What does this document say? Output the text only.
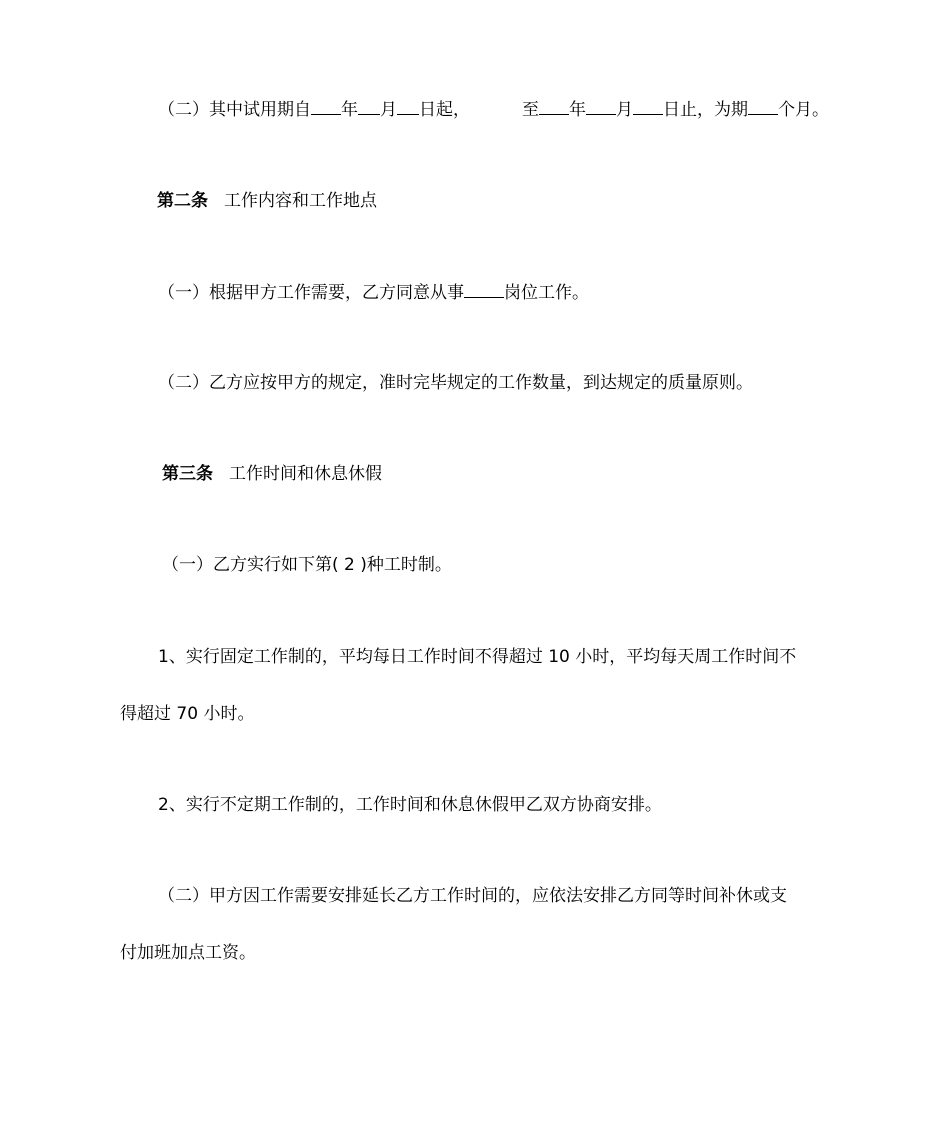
（二）其中试用期自 年 月 日起，	至 年 月 日止，为期 个月。
第二条 工作内容和工作地点
（一）根据甲方工作需要，乙方同意从事 岗位工作。
（二）乙方应按甲方的规定，准时完毕规定的工作数量，到达规定的质量原则。
第三条 工作时间和休息休假
（一）乙方实行如下第( 2 )种工时制。
1、实行固定工作制的，平均每日工作时间不得超过 10 小时，平均每天周工作时间不
得超过 70 小时。
2、实行不定期工作制的，工作时间和休息休假甲乙双方协商安排。
（二）甲方因工作需要安排延长乙方工作时间的，应依法安排乙方同等时间补休或支
付加班加点工资。
